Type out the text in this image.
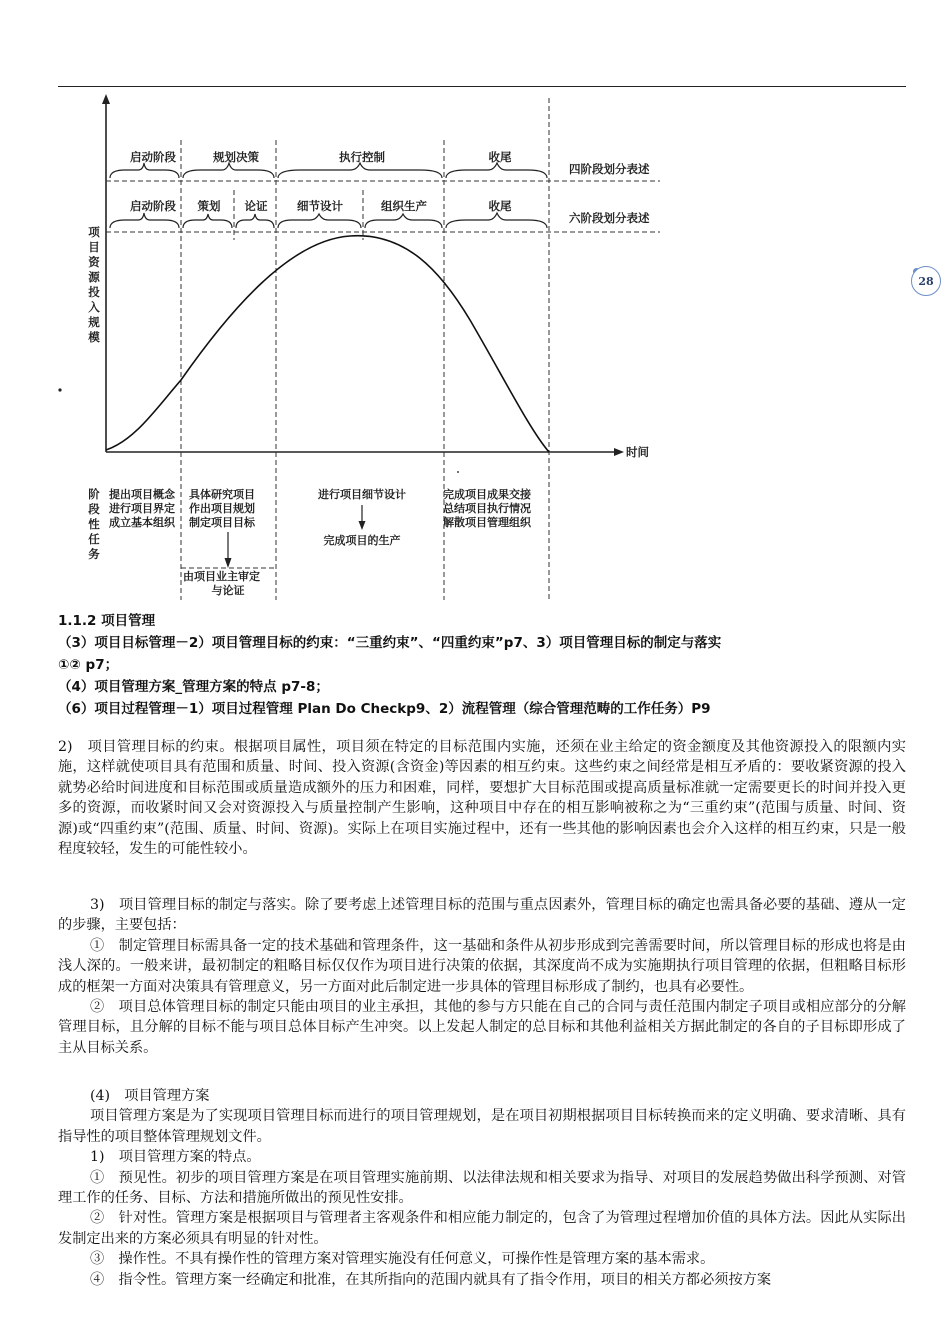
28
启动阶段	规划决策	执行控制	收尾
四阶段划分表述
启动阶段 策划 论证	细节设计	组织生产	收尾
六阶段划分表述
项目资源投入规模
时间
阶段性任务
提出项目概念
进行项目界定
成立基本组织
具体研究项目
作出项目规划
制定项目目标
由项目业主审定
与论证
进行项目细节设计
完成项目的生产
完成项目成果交接
总结项目执行情况
解散项目管理组织
1.1.2 项目管理
（3）项目目标管理－2）项目管理目标的约束：“三重约束”、“四重约束”p7、3）项目管理目标的制定与落实
①② p7；
（4）项目管理方案_管理方案的特点 p7-8；
（6）项目过程管理－1）项目过程管理 Plan Do Checkp9、2）流程管理（综合管理范畴的工作任务）P9

2)　项目管理目标的约束。根据项目属性，项目须在特定的目标范围内实施，还须在业主给定的资金额度及其他资源投入的限额内实施，这样就使项目具有范围和质量、时间、投入资源(含资金)等因素的相互约束。这些约束之间经常是相互矛盾的：要收紧资源的投入就势必给时间进度和目标范围或质量造成额外的压力和困难，同样，要想扩大目标范围或提高质量标准就一定需要更长的时间并投入更多的资源，而收紧时间又会对资源投入与质量控制产生影响，这种项目中存在的相互影响被称之为“三重约束”(范围与质量、时间、资源)或“四重约束”(范围、质量、时间、资源)。实际上在项目实施过程中，还有一些其他的影响因素也会介入这样的相互约束，只是一般程度较轻，发生的可能性较小。

3)　项目管理目标的制定与落实。除了要考虑上述管理目标的范围与重点因素外，管理目标的确定也需具备必要的基础、遵从一定的步骤，主要包括：

①　制定管理目标需具备一定的技术基础和管理条件，这一基础和条件从初步形成到完善需要时间，所以管理目标的形成也将是由浅人深的。一般来讲，最初制定的粗略目标仅仅作为项目进行决策的依据，其深度尚不成为实施期执行项目管理的依据，但粗略目标形成的框架一方面对决策具有管理意义，另一方面对此后制定进一步具体的管理目标形成了制约，也具有必要性。

②　项目总体管理目标的制定只能由项目的业主承担，其他的参与方只能在自己的合同与责任范围内制定子项目或相应部分的分解管理目标，且分解的目标不能与项目总体目标产生冲突。以上发起人制定的总目标和其他利益相关方据此制定的各自的子目标即形成了主从目标关系。

(4)　项目管理方案

项目管理方案是为了实现项目管理目标而进行的项目管理规划，是在项目初期根据项目目标转换而来的定义明确、要求清晰、具有指导性的项目整体管理规划文件。

1)　项目管理方案的特点。

①　预见性。初步的项目管理方案是在项目管理实施前期、以法律法规和相关要求为指导、对项目的发展趋势做出科学预测、对管理工作的任务、目标、方法和措施所做出的预见性安排。

②　针对性。管理方案是根据项目与管理者主客观条件和相应能力制定的，包含了为管理过程增加价值的具体方法。因此从实际出发制定出来的方案必须具有明显的针对性。

③　操作性。不具有操作性的管理方案对管理实施没有任何意义，可操作性是管理方案的基本需求。

④　指令性。管理方案一经确定和批准，在其所指向的范围内就具有了指令作用，项目的相关方都必须按方案
